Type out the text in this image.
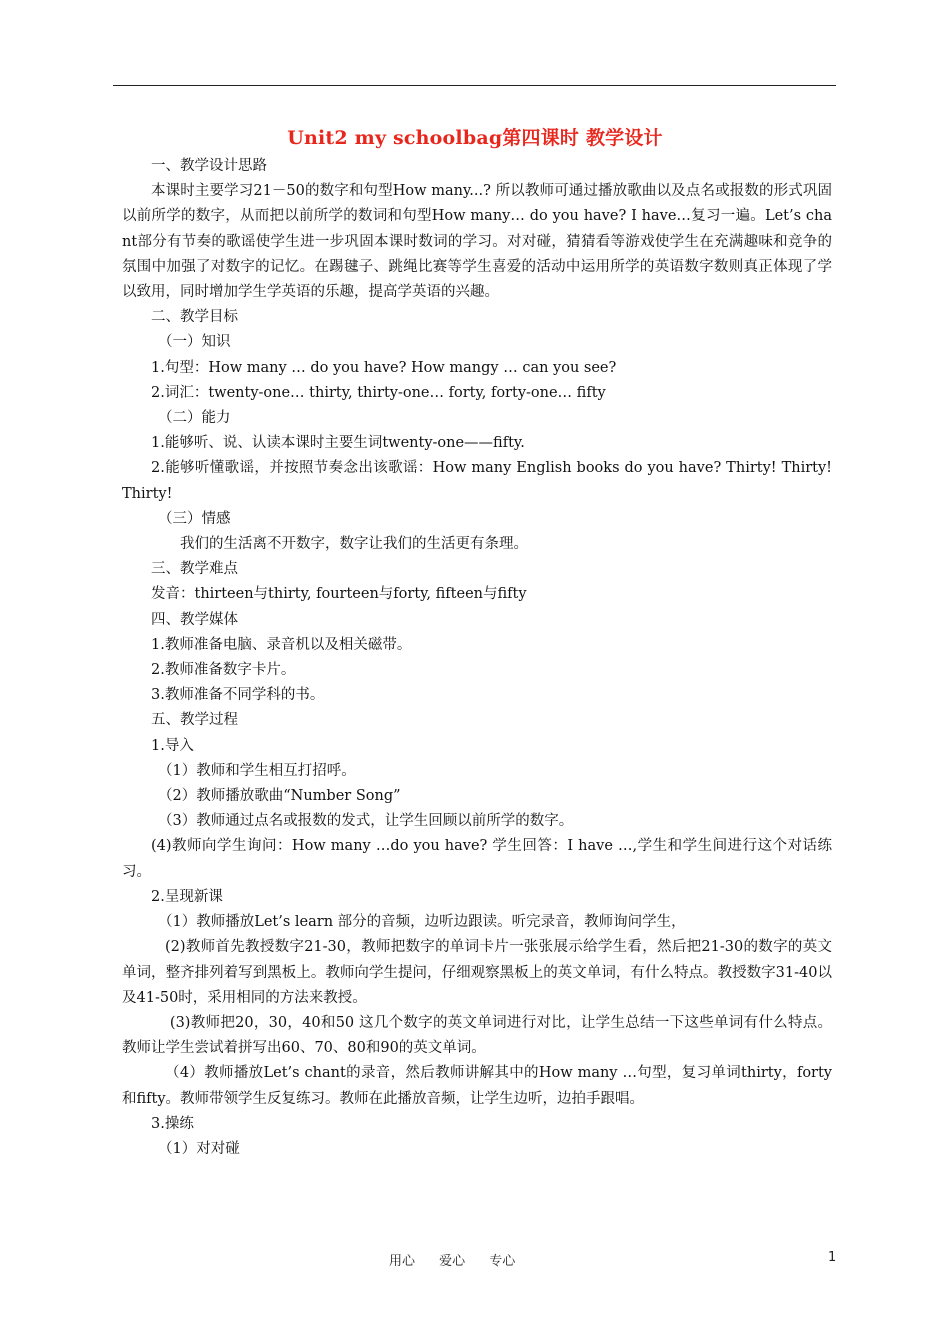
Unit2 my schoolbag第四课时 教学设计

一、教学设计思路

本课时主要学习21－50的数字和句型How many...? 所以教师可通过播放歌曲以及点名或报数的形式巩固以前所学的数字，从而把以前所学的数词和句型How many… do you have? I have…复习一遍。Let’s chant部分有节奏的歌谣使学生进一步巩固本课时数词的学习。对对碰，猜猜看等游戏使学生在充满趣味和竞争的氛围中加强了对数字的记忆。在踢毽子、跳绳比赛等学生喜爱的活动中运用所学的英语数字数则真正体现了学以致用，同时增加学生学英语的乐趣，提高学英语的兴趣。

二、教学目标

（一）知识

1.句型：How many … do you have? How mangy … can you see?

2.词汇：twenty-one… thirty, thirty-one… forty, forty-one… fifty

（二）能力

1.能够听、说、认读本课时主要生词twenty-one——fifty.

2.能够听懂歌谣，并按照节奏念出该歌谣：How many English books do you have? Thirty! Thirty! Thirty!

（三）情感

我们的生活离不开数字，数字让我们的生活更有条理。

三、教学难点

发音：thirteen与thirty, fourteen与forty, fifteen与fifty

四、教学媒体

1.教师准备电脑、录音机以及相关磁带。

2.教师准备数字卡片。

3.教师准备不同学科的书。

五、教学过程

1.导入

（1）教师和学生相互打招呼。

（2）教师播放歌曲“Number Song”

（3）教师通过点名或报数的发式，让学生回顾以前所学的数字。

(4)教师向学生询问：How many …do you have? 学生回答：I have …,学生和学生间进行这个对话练习。

2.呈现新课

（1）教师播放Let’s learn 部分的音频，边听边跟读。听完录音，教师询问学生，

(2)教师首先教授数字21-30，教师把数字的单词卡片一张张展示给学生看，然后把21-30的数字的英文单词，整齐排列着写到黑板上。教师向学生提问，仔细观察黑板上的英文单词，有什么特点。教授数字31-40以及41-50时，采用相同的方法来教授。

(3)教师把20，30，40和50 这几个数字的英文单词进行对比，让学生总结一下这些单词有什么特点。教师让学生尝试着拼写出60、70、80和90的英文单词。

（4）教师播放Let’s chant的录音，然后教师讲解其中的How many …句型，复习单词thirty，forty 和fifty。教师带领学生反复练习。教师在此播放音频，让学生边听，边拍手跟唱。

3.操练

（1）对对碰

用心 爱心 专心	1
